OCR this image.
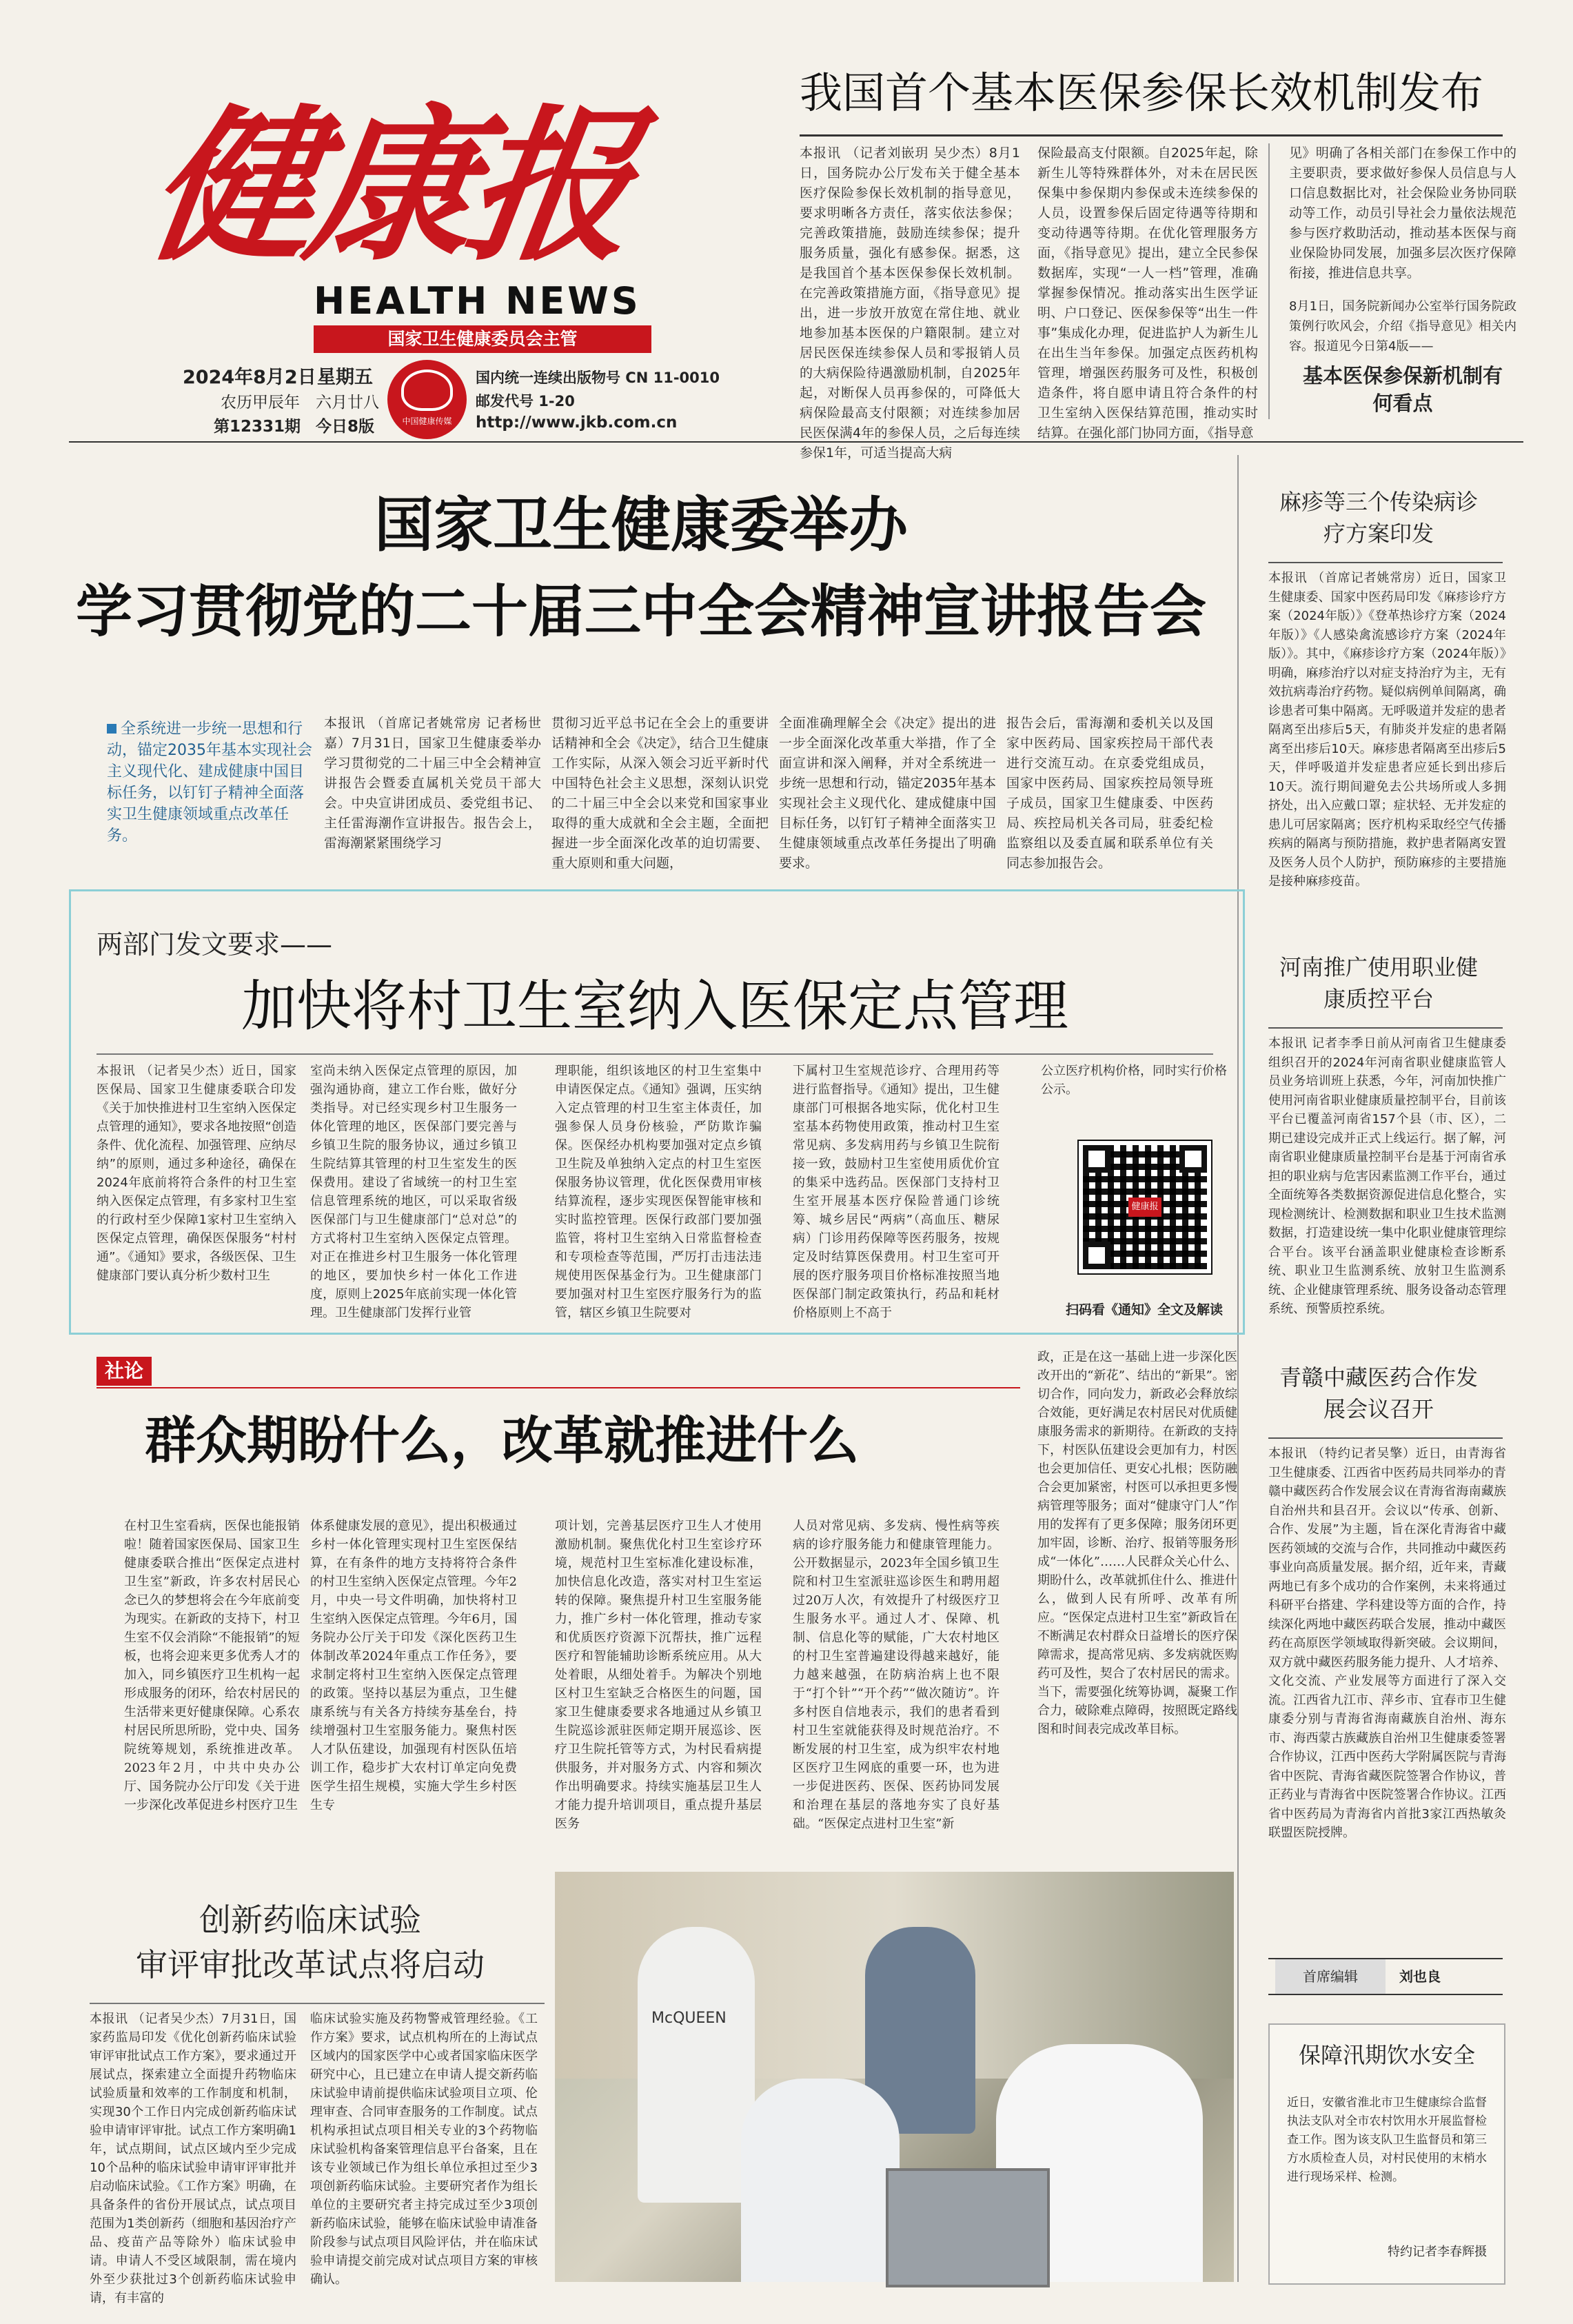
健康报
HEALTH NEWS
国家卫生健康委员会主管
2024年8月2日 星期五
农历甲辰年 六月廿八
第12331期 今日8版	中国健康传媒
国内统一连续出版物号 CN 11-0010
邮发代号 1-20
http://www.jkb.com.cn
我国首个基本医保参保长效机制发布
本报讯 （记者刘嵌玥 吴少杰）8月1日，国务院办公厅发布关于健全基本医疗保险参保长效机制的指导意见，要求明晰各方责任，落实依法参保；完善政策措施，鼓励连续参保；提升服务质量，强化有感参保。据悉，这是我国首个基本医保参保长效机制。在完善政策措施方面，《指导意见》提出，进一步放开放宽在常住地、就业地参加基本医保的户籍限制。建立对居民医保连续参保人员和零报销人员的大病保险待遇激励机制，自2025年起，对断保人员再参保的，可降低大病保险最高支付限额；对连续参加居民医保满4年的参保人员，之后每连续参保1年，可适当提高大病
保险最高支付限额。自2025年起，除新生儿等特殊群体外，对未在居民医保集中参保期内参保或未连续参保的人员，设置参保后固定待遇等待期和变动待遇等待期。在优化管理服务方面，《指导意见》提出，建立全民参保数据库，实现“一人一档”管理，准确掌握参保情况。推动落实出生医学证明、户口登记、医保参保等“出生一件事”集成化办理，促进监护人为新生儿在出生当年参保。加强定点医药机构管理，增强医药服务可及性，积极创造条件，将自愿申请且符合条件的村卫生室纳入医保结算范围，推动实时结算。在强化部门协同方面，《指导意
见》明确了各相关部门在参保工作中的主要职责，要求做好参保人员信息与人口信息数据比对，社会保险业务协同联动等工作，动员引导社会力量依法规范参与医疗救助活动，推动基本医保与商业保险协同发展，加强多层次医疗保障衔接，推进信息共享。
8月1日，国务院新闻办公室举行国务院政策例行吹风会，介绍《指导意见》相关内容。报道见今日第4版——
基本医保参保新机制有何看点
国家卫生健康委举办
学习贯彻党的二十届三中全会精神宣讲报告会
全系统进一步统一思想和行动，锚定2035年基本实现社会主义现代化、建成健康中国目标任务，以钉钉子精神全面落实卫生健康领域重点改革任务。
本报讯 （首席记者姚常房 记者杨世嘉）7月31日，国家卫生健康委举办学习贯彻党的二十届三中全会精神宣讲报告会暨委直属机关党员干部大会。中央宣讲团成员、委党组书记、主任雷海潮作宣讲报告。报告会上，雷海潮紧紧围绕学习
贯彻习近平总书记在全会上的重要讲话精神和全会《决定》，结合卫生健康工作实际，从深入领会习近平新时代中国特色社会主义思想，深刻认识党的二十届三中全会以来党和国家事业取得的重大成就和全会主题，全面把握进一步全面深化改革的迫切需要、重大原则和重大问题，
全面准确理解全会《决定》提出的进一步全面深化改革重大举措，作了全面宣讲和深入阐释，并对全系统进一步统一思想和行动，锚定2035年基本实现社会主义现代化、建成健康中国目标任务，以钉钉子精神全面落实卫生健康领域重点改革任务提出了明确要求。
报告会后，雷海潮和委机关以及国家中医药局、国家疾控局干部代表进行交流互动。在京委党组成员，国家中医药局、国家疾控局领导班子成员，国家卫生健康委、中医药局、疾控局机关各司局，驻委纪检监察组以及委直属和联系单位有关同志参加报告会。
两部门发文要求——
加快将村卫生室纳入医保定点管理
本报讯 （记者吴少杰）近日，国家医保局、国家卫生健康委联合印发《关于加快推进村卫生室纳入医保定点管理的通知》，要求各地按照“创造条件、优化流程、加强管理、应纳尽纳”的原则，通过多种途径，确保在2024年底前将符合条件的村卫生室纳入医保定点管理，有多家村卫生室的行政村至少保障1家村卫生室纳入医保定点管理，确保医保服务“村村通”。《通知》要求，各级医保、卫生健康部门要认真分析少数村卫生
室尚未纳入医保定点管理的原因，加强沟通协商，建立工作台账，做好分类指导。对已经实现乡村卫生服务一体化管理的地区，医保部门要完善与乡镇卫生院的服务协议，通过乡镇卫生院结算其管理的村卫生室发生的医保费用。建设了省域统一的村卫生室信息管理系统的地区，可以采取省级医保部门与卫生健康部门“总对总”的方式将村卫生室纳入医保定点管理。对正在推进乡村卫生服务一体化管理的地区，要加快乡村一体化工作进度，原则上2025年底前实现一体化管理。卫生健康部门发挥行业管
理职能，组织该地区的村卫生室集中申请医保定点。《通知》强调，压实纳入定点管理的村卫生室主体责任，加强参保人员身份核验，严防欺诈骗保。医保经办机构要加强对定点乡镇卫生院及单独纳入定点的村卫生室医保服务协议管理，优化医保费用审核结算流程，逐步实现医保智能审核和实时监控管理。医保行政部门要加强监管，将村卫生室纳入日常监督检查和专项检查等范围，严厉打击违法违规使用医保基金行为。卫生健康部门要加强对村卫生室医疗服务行为的监管，辖区乡镇卫生院要对
下属村卫生室规范诊疗、合理用药等进行监督指导。《通知》提出，卫生健康部门可根据各地实际，优化村卫生室基本药物使用政策，推动村卫生室常见病、多发病用药与乡镇卫生院衔接一致，鼓励村卫生室使用质优价宜的集采中选药品。医保部门支持村卫生室开展基本医疗保险普通门诊统筹、城乡居民“两病”（高血压、糖尿病）门诊用药保障等医药服务，按规定及时结算医保费用。村卫生室可开展的医疗服务项目价格标准按照当地医保部门制定政策执行，药品和耗材价格原则上不高于
公立医疗机构价格，同时实行价格公示。
健康报
扫码看《通知》全文及解读
社论
群众期盼什么，改革就推进什么
在村卫生室看病，医保也能报销啦！随着国家医保局、国家卫生健康委联合推出“医保定点进村卫生室”新政，许多农村居民心念已久的梦想将会在今年底前变为现实。在新政的支持下，村卫生室不仅会消除“不能报销”的短板，也将会迎来更多优秀人才的加入，同乡镇医疗卫生机构一起形成服务的闭环，给农村居民的生活带来更好健康保障。心系农村居民所思所盼，党中央、国务院统筹规划，系统推进改革。2023年2月，中共中央办公厅、国务院办公厅印发《关于进一步深化改革促进乡村医疗卫生
体系健康发展的意见》，提出积极通过乡村一体化管理实现村卫生室医保结算，在有条件的地方支持将符合条件的村卫生室纳入医保定点管理。今年2月，中央一号文件明确，加快将村卫生室纳入医保定点管理。今年6月，国务院办公厅关于印发《深化医药卫生体制改革2024年重点工作任务》，要求制定将村卫生室纳入医保定点管理的政策。坚持以基层为重点，卫生健康系统与有关各方持续夯基垒台，持续增强村卫生室服务能力。聚焦村医人才队伍建设，加强现有村医队伍培训工作，稳步扩大农村订单定向免费医学生招生规模，实施大学生乡村医生专
项计划，完善基层医疗卫生人才使用激励机制。聚焦优化村卫生室诊疗环境，规范村卫生室标准化建设标准，加快信息化改造，落实对村卫生室运转的保障。聚焦提升村卫生室服务能力，推广乡村一体化管理，推动专家和优质医疗资源下沉帮扶，推广远程医疗和智能辅助诊断系统应用。从大处着眼，从细处着手。为解决个别地区村卫生室缺乏合格医生的问题，国家卫生健康委要求各地通过从乡镇卫生院巡诊派驻医师定期开展巡诊、医疗卫生院托管等方式，为村民看病提供服务，并对服务方式、内容和频次作出明确要求。持续实施基层卫生人才能力提升培训项目，重点提升基层医务
人员对常见病、多发病、慢性病等疾病的诊疗服务能力和健康管理能力。公开数据显示，2023年全国乡镇卫生院和村卫生室派驻巡诊医生和聘用超过20万人次，有效提升了村级医疗卫生服务水平。通过人才、保障、机制、信息化等的赋能，广大农村地区的村卫生室普遍建设得越来越好，能力越来越强，在防病治病上也不限于“打个针”“开个药”“做次随访”。许多村医自信地表示，我们的患者看到村卫生室就能获得及时规范治疗。不断发展的村卫生室，成为织牢农村地区医疗卫生网底的重要一环，也为进一步促进医药、医保、医药协同发展和治理在基层的落地夯实了良好基础。“医保定点进村卫生室”新
政，正是在这一基础上进一步深化医改开出的“新花”、结出的“新果”。密切合作，同向发力，新政必会释放综合效能，更好满足农村居民对优质健康服务需求的新期待。在新政的支持下，村医队伍建设会更加有力，村医也会更加信任、更安心扎根；医防融合会更加紧密，村医可以承担更多慢病管理等服务；面对“健康守门人”作用的发挥有了更多保障；服务闭环更加牢固，诊断、治疗、报销等服务形成“一体化”……人民群众关心什么、期盼什么，改革就抓住什么、推进什么，做到人民有所呼、改革有所应。“医保定点进村卫生室”新政旨在不断满足农村群众日益增长的医疗保障需求，提高常见病、多发病就医购药可及性，契合了农村居民的需求。当下，需要强化统筹协调，凝聚工作合力，破除难点障碍，按照既定路线图和时间表完成改革目标。
创新药临床试验
审评审批改革试点将启动
本报讯 （记者吴少杰）7月31日，国家药监局印发《优化创新药临床试验审评审批试点工作方案》，要求通过开展试点，探索建立全面提升药物临床试验质量和效率的工作制度和机制，实现30个工作日内完成创新药临床试验申请审评审批。试点工作方案明确1年，试点期间，试点区域内至少完成10个品种的临床试验申请审评审批并启动临床试验。《工作方案》明确，在具备条件的省份开展试点，试点项目范围为1类创新药（细胞和基因治疗产品、疫苗产品等除外）临床试验申请。申请人不受区域限制，需在境内外至少获批过3个创新药临床试验申请，有丰富的
临床试验实施及药物警戒管理经验。《工作方案》要求，试点机构所在的上海试点区域内的国家医学中心或者国家临床医学研究中心，且已建立在申请人提交新药临床试验申请前提供临床试验项目立项、伦理审查、合同审查服务的工作制度。试点机构承担试点项目相关专业的3个药物临床试验机构备案管理信息平台备案，且在该专业领域已作为组长单位承担过至少3项创新药临床试验。主要研究者作为组长单位的主要研究者主持完成过至少3项创新药临床试验，能够在临床试验申请准备阶段参与试点项目风险评估，并在临床试验申请提交前完成对试点项目方案的审核确认。
McQUEEN
麻疹等三个传染病诊疗方案印发
本报讯 （首席记者姚常房）近日，国家卫生健康委、国家中医药局印发《麻疹诊疗方案（2024年版）》《登革热诊疗方案（2024年版）》《人感染禽流感诊疗方案（2024年版）》。其中，《麻疹诊疗方案（2024年版）》明确，麻疹治疗以对症支持治疗为主，无有效抗病毒治疗药物。疑似病例单间隔离，确诊患者可集中隔离。无呼吸道并发症的患者隔离至出疹后5天，有肺炎并发症的患者隔离至出疹后10天。麻疹患者隔离至出疹后5天，伴呼吸道并发症患者应延长到出疹后10天。流行期间避免去公共场所或人多拥挤处，出入应戴口罩；症状轻、无并发症的患儿可居家隔离；医疗机构采取经空气传播疾病的隔离与预防措施，救护患者隔离安置及医务人员个人防护，预防麻疹的主要措施是接种麻疹疫苗。
河南推广使用职业健康质控平台
本报讯 记者李季日前从河南省卫生健康委组织召开的2024年河南省职业健康监管人员业务培训班上获悉，今年，河南加快推广使用河南省职业健康质量控制平台，目前该平台已覆盖河南省157个县（市、区），二期已建设完成并正式上线运行。据了解，河南省职业健康质量控制平台是基于河南省承担的职业病与危害因素监测工作平台，通过全面统筹各类数据资源促进信息化整合，实现检测统计、检测数据和职业卫生技术监测数据，打造建设统一集中化职业健康管理综合平台。该平台涵盖职业健康检查诊断系统、职业卫生监测系统、放射卫生监测系统、企业健康管理系统、服务设备动态管理系统、预警质控系统。
青赣中藏医药合作发展会议召开
本报讯 （特约记者吴擎）近日，由青海省卫生健康委、江西省中医药局共同举办的青赣中藏医药合作发展会议在青海省海南藏族自治州共和县召开。会议以“传承、创新、合作、发展”为主题，旨在深化青海省中藏医药领域的交流与合作，共同推动中藏医药事业向高质量发展。据介绍，近年来，青藏两地已有多个成功的合作案例，未来将通过科研平台搭建、学科建设等方面的合作，持续深化两地中藏医药联合发展，推动中藏医药在高原医学领域取得新突破。会议期间，双方就中藏医药服务能力提升、人才培养、文化交流、产业发展等方面进行了深入交流。江西省九江市、萍乡市、宜春市卫生健康委分别与青海省海南藏族自治州、海东市、海西蒙古族藏族自治州卫生健康委签署合作协议，江西中医药大学附属医院与青海省中医院、青海省藏医院签署合作协议，普正药业与青海省中医院签署合作协议。江西省中医药局为青海省内首批3家江西热敏灸联盟医院授牌。
首席编辑	刘也良
保障汛期饮水安全
近日，安徽省淮北市卫生健康综合监督执法支队对全市农村饮用水开展监督检查工作。图为该支队卫生监督员和第三方水质检查人员，对村民使用的末梢水进行现场采样、检测。
特约记者李春辉摄
